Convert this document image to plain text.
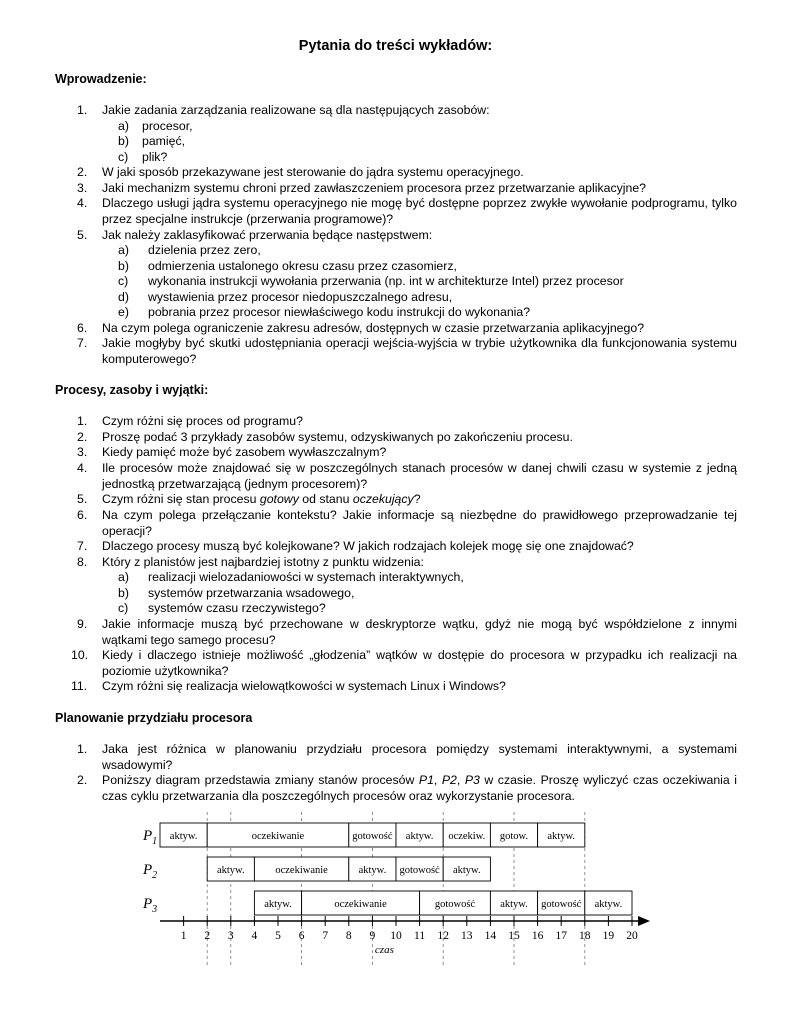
Pytania do treści wykładów:
Wprowadzenie:
1. Jakie zadania zarządzania realizowane są dla następujących zasobów:
a) procesor,
b) pamięć,
c) plik?
2. W jaki sposób przekazywane jest sterowanie do jądra systemu operacyjnego.
3. Jaki mechanizm systemu chroni przed zawłaszczeniem procesora przez przetwarzanie aplikacyjne?
4. Dlaczego usługi jądra systemu operacyjnego nie mogę być dostępne poprzez zwykłe wywołanie podprogramu, tylko przez specjalne instrukcje (przerwania programowe)?
5. Jak należy zaklasyfikować przerwania będące następstwem:
a) dzielenia przez zero,
b) odmierzenia ustalonego okresu czasu przez czasomierz,
c) wykonania instrukcji wywołania przerwania (np. int w architekturze Intel) przez procesor
d) wystawienia przez procesor niedopuszczalnego adresu,
e) pobrania przez procesor niewłaściwego kodu instrukcji do wykonania?
6. Na czym polega ograniczenie zakresu adresów, dostępnych w czasie przetwarzania aplikacyjnego?
7. Jakie mogłyby być skutki udostępniania operacji wejścia-wyjścia w trybie użytkownika dla funkcjonowania systemu komputerowego?
Procesy, zasoby i wyjątki:
1. Czym różni się proces od programu?
2. Proszę podać 3 przykłady zasobów systemu, odzyskiwanych po zakończeniu procesu.
3. Kiedy pamięć może być zasobem wywłaszczalnym?
4. Ile procesów może znajdować się w poszczególnych stanach procesów w danej chwili czasu w systemie z jedną jednostką przetwarzającą (jednym procesorem)?
5. Czym różni się stan procesu gotowy od stanu oczekujący?
6. Na czym polega przełączanie kontekstu? Jakie informacje są niezbędne do prawidłowego przeprowadzanie tej operacji?
7. Dlaczego procesy muszą być kolejkowane? W jakich rodzajach kolejek mogę się one znajdować?
8. Który z planistów jest najbardziej istotny z punktu widzenia:
a) realizacji wielozadaniowości w systemach interaktywnych,
b) systemów przetwarzania wsadowego,
c) systemów czasu rzeczywistego?
9. Jakie informacje muszą być przechowane w deskryptorze wątku, gdyż nie mogą być współdzielone z innymi wątkami tego samego procesu?
10. Kiedy i dlaczego istnieje możliwość „głodzenia” wątków w dostępie do procesora w przypadku ich realizacji na poziomie użytkownika?
11. Czym różni się realizacja wielowątkowości w systemach Linux i Windows?
Planowanie przydziału procesora
1. Jaka jest różnica w planowaniu przydziału procesora pomiędzy systemami interaktywnymi, a systemami wsadowymi?
2. Poniższy diagram przedstawia zmiany stanów procesów P1, P2, P3 w czasie. Proszę wyliczyć czas oczekiwania i czas cyklu przetwarzania dla poszczególnych procesów oraz wykorzystanie procesora.
$P_1$ aktyw.	oczekiwanie	gotowość aktyw. oczekiw. gotow. aktyw.
$P_2$	aktyw.	oczekiwanie	aktyw. gotowość aktyw.
$P_3$	aktyw.	oczekiwanie	gotowość aktyw. gotowość aktyw.
1 2 3 4 5 6 7 8 9 10 11 12 13 14 15 16 17 18 19 20
czas
